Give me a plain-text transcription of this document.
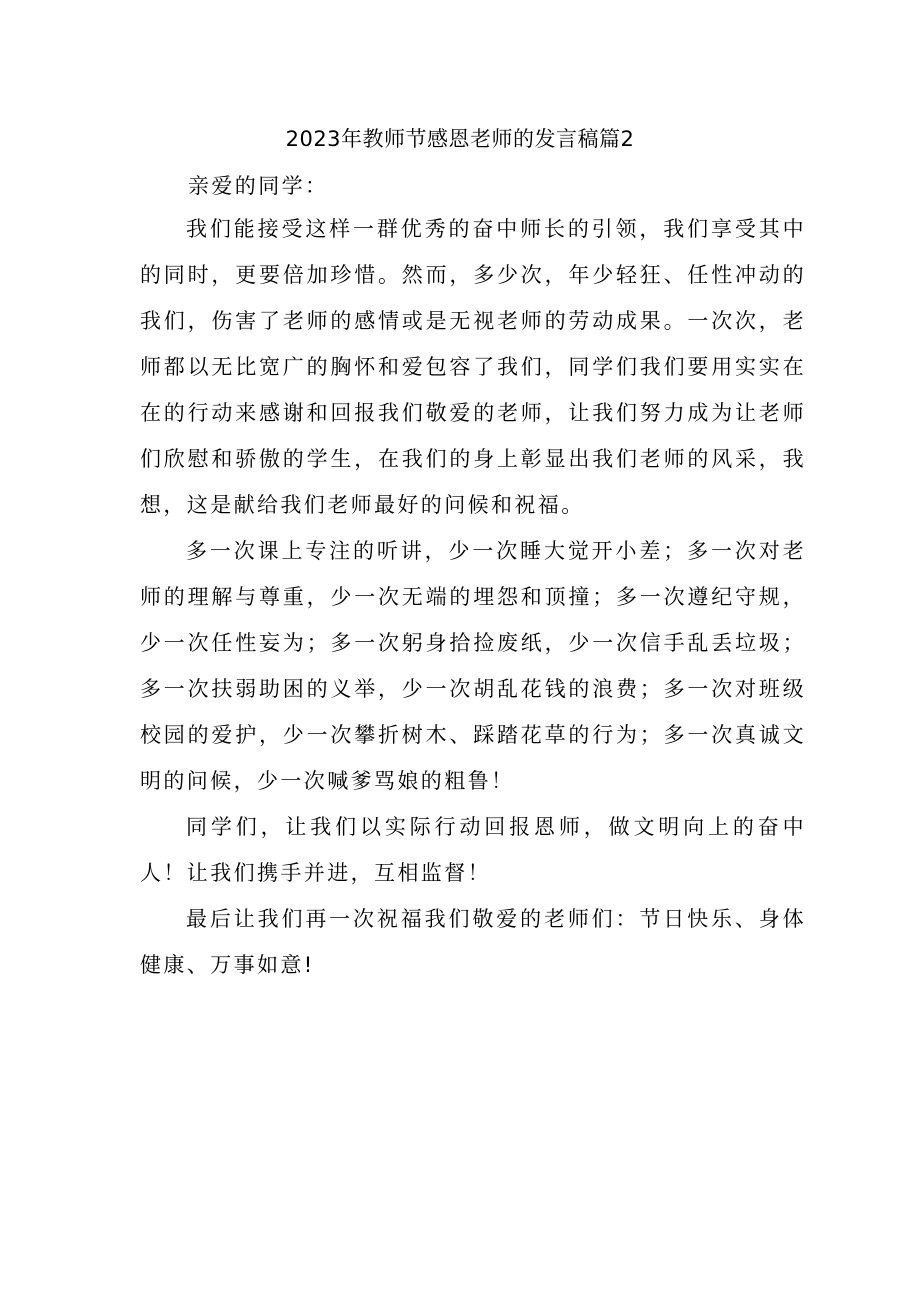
2023年教师节感恩老师的发言稿篇2
亲爱的同学：

我们能接受这样一群优秀的奋中师长的引领，我们享受其中的同时，更要倍加珍惜。然而，多少次，年少轻狂、任性冲动的我们，伤害了老师的感情或是无视老师的劳动成果。一次次，老师都以无比宽广的胸怀和爱包容了我们，同学们我们要用实实在在的行动来感谢和回报我们敬爱的老师，让我们努力成为让老师们欣慰和骄傲的学生，在我们的身上彰显出我们老师的风采，我想，这是献给我们老师最好的问候和祝福。

多一次课上专注的听讲，少一次睡大觉开小差；多一次对老师的理解与尊重，少一次无端的埋怨和顶撞；多一次遵纪守规，少一次任性妄为；多一次躬身拾捡废纸，少一次信手乱丢垃圾；多一次扶弱助困的义举，少一次胡乱花钱的浪费；多一次对班级校园的爱护，少一次攀折树木、踩踏花草的行为；多一次真诚文明的问候，少一次喊爹骂娘的粗鲁！

同学们，让我们以实际行动回报恩师，做文明向上的奋中人！让我们携手并进，互相监督！

最后让我们再一次祝福我们敬爱的老师们：节日快乐、身体健康、万事如意!
